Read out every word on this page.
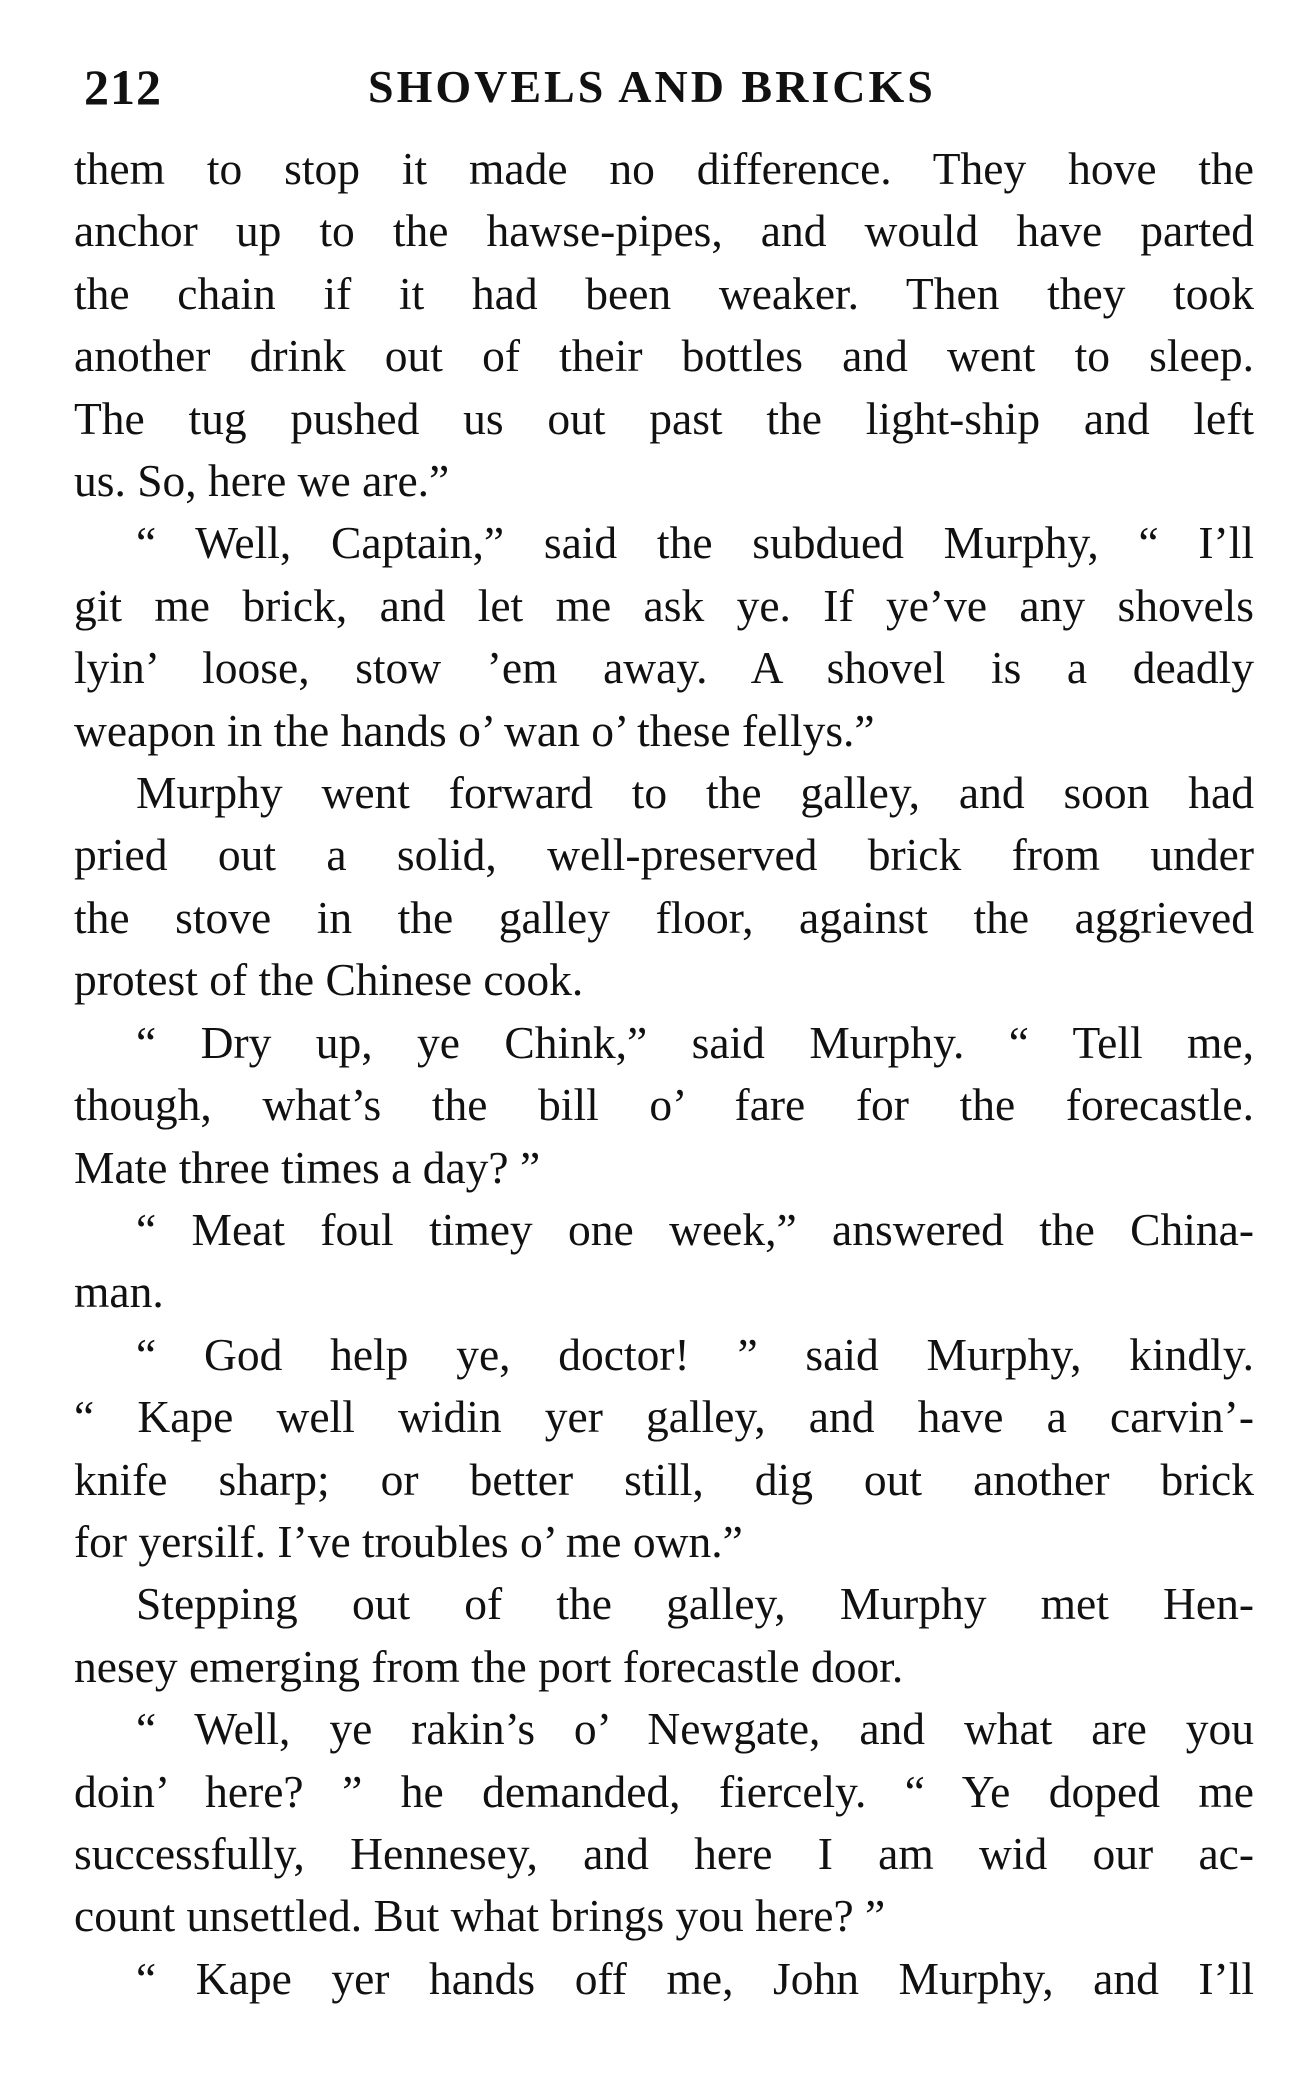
212	SHOVELS AND BRICKS
them to stop it made no difference. They hove the
anchor up to the hawse-pipes, and would have parted
the chain if it had been weaker. Then they took
another drink out of their bottles and went to sleep.
The tug pushed us out past the light-ship and left
us. So, here we are.”
“ Well, Captain,” said the subdued Murphy, “ I’ll
git me brick, and let me ask ye. If ye’ve any shovels
lyin’ loose, stow ’em away. A shovel is a deadly
weapon in the hands o’ wan o’ these fellys.”
Murphy went forward to the galley, and soon had
pried out a solid, well-preserved brick from under
the stove in the galley floor, against the aggrieved
protest of the Chinese cook.
“ Dry up, ye Chink,” said Murphy. “ Tell me,
though, what’s the bill o’ fare for the forecastle.
Mate three times a day? ”
“ Meat foul timey one week,” answered the China-
man.
“ God help ye, doctor! ” said Murphy, kindly.
“ Kape well widin yer galley, and have a carvin’-
knife sharp; or better still, dig out another brick
for yersilf. I’ve troubles o’ me own.”
Stepping out of the galley, Murphy met Hen-
nesey emerging from the port forecastle door.
“ Well, ye rakin’s o’ Newgate, and what are you
doin’ here? ” he demanded, fiercely. “ Ye doped me
successfully, Hennesey, and here I am wid our ac-
count unsettled. But what brings you here? ”
“ Kape yer hands off me, John Murphy, and I’ll
